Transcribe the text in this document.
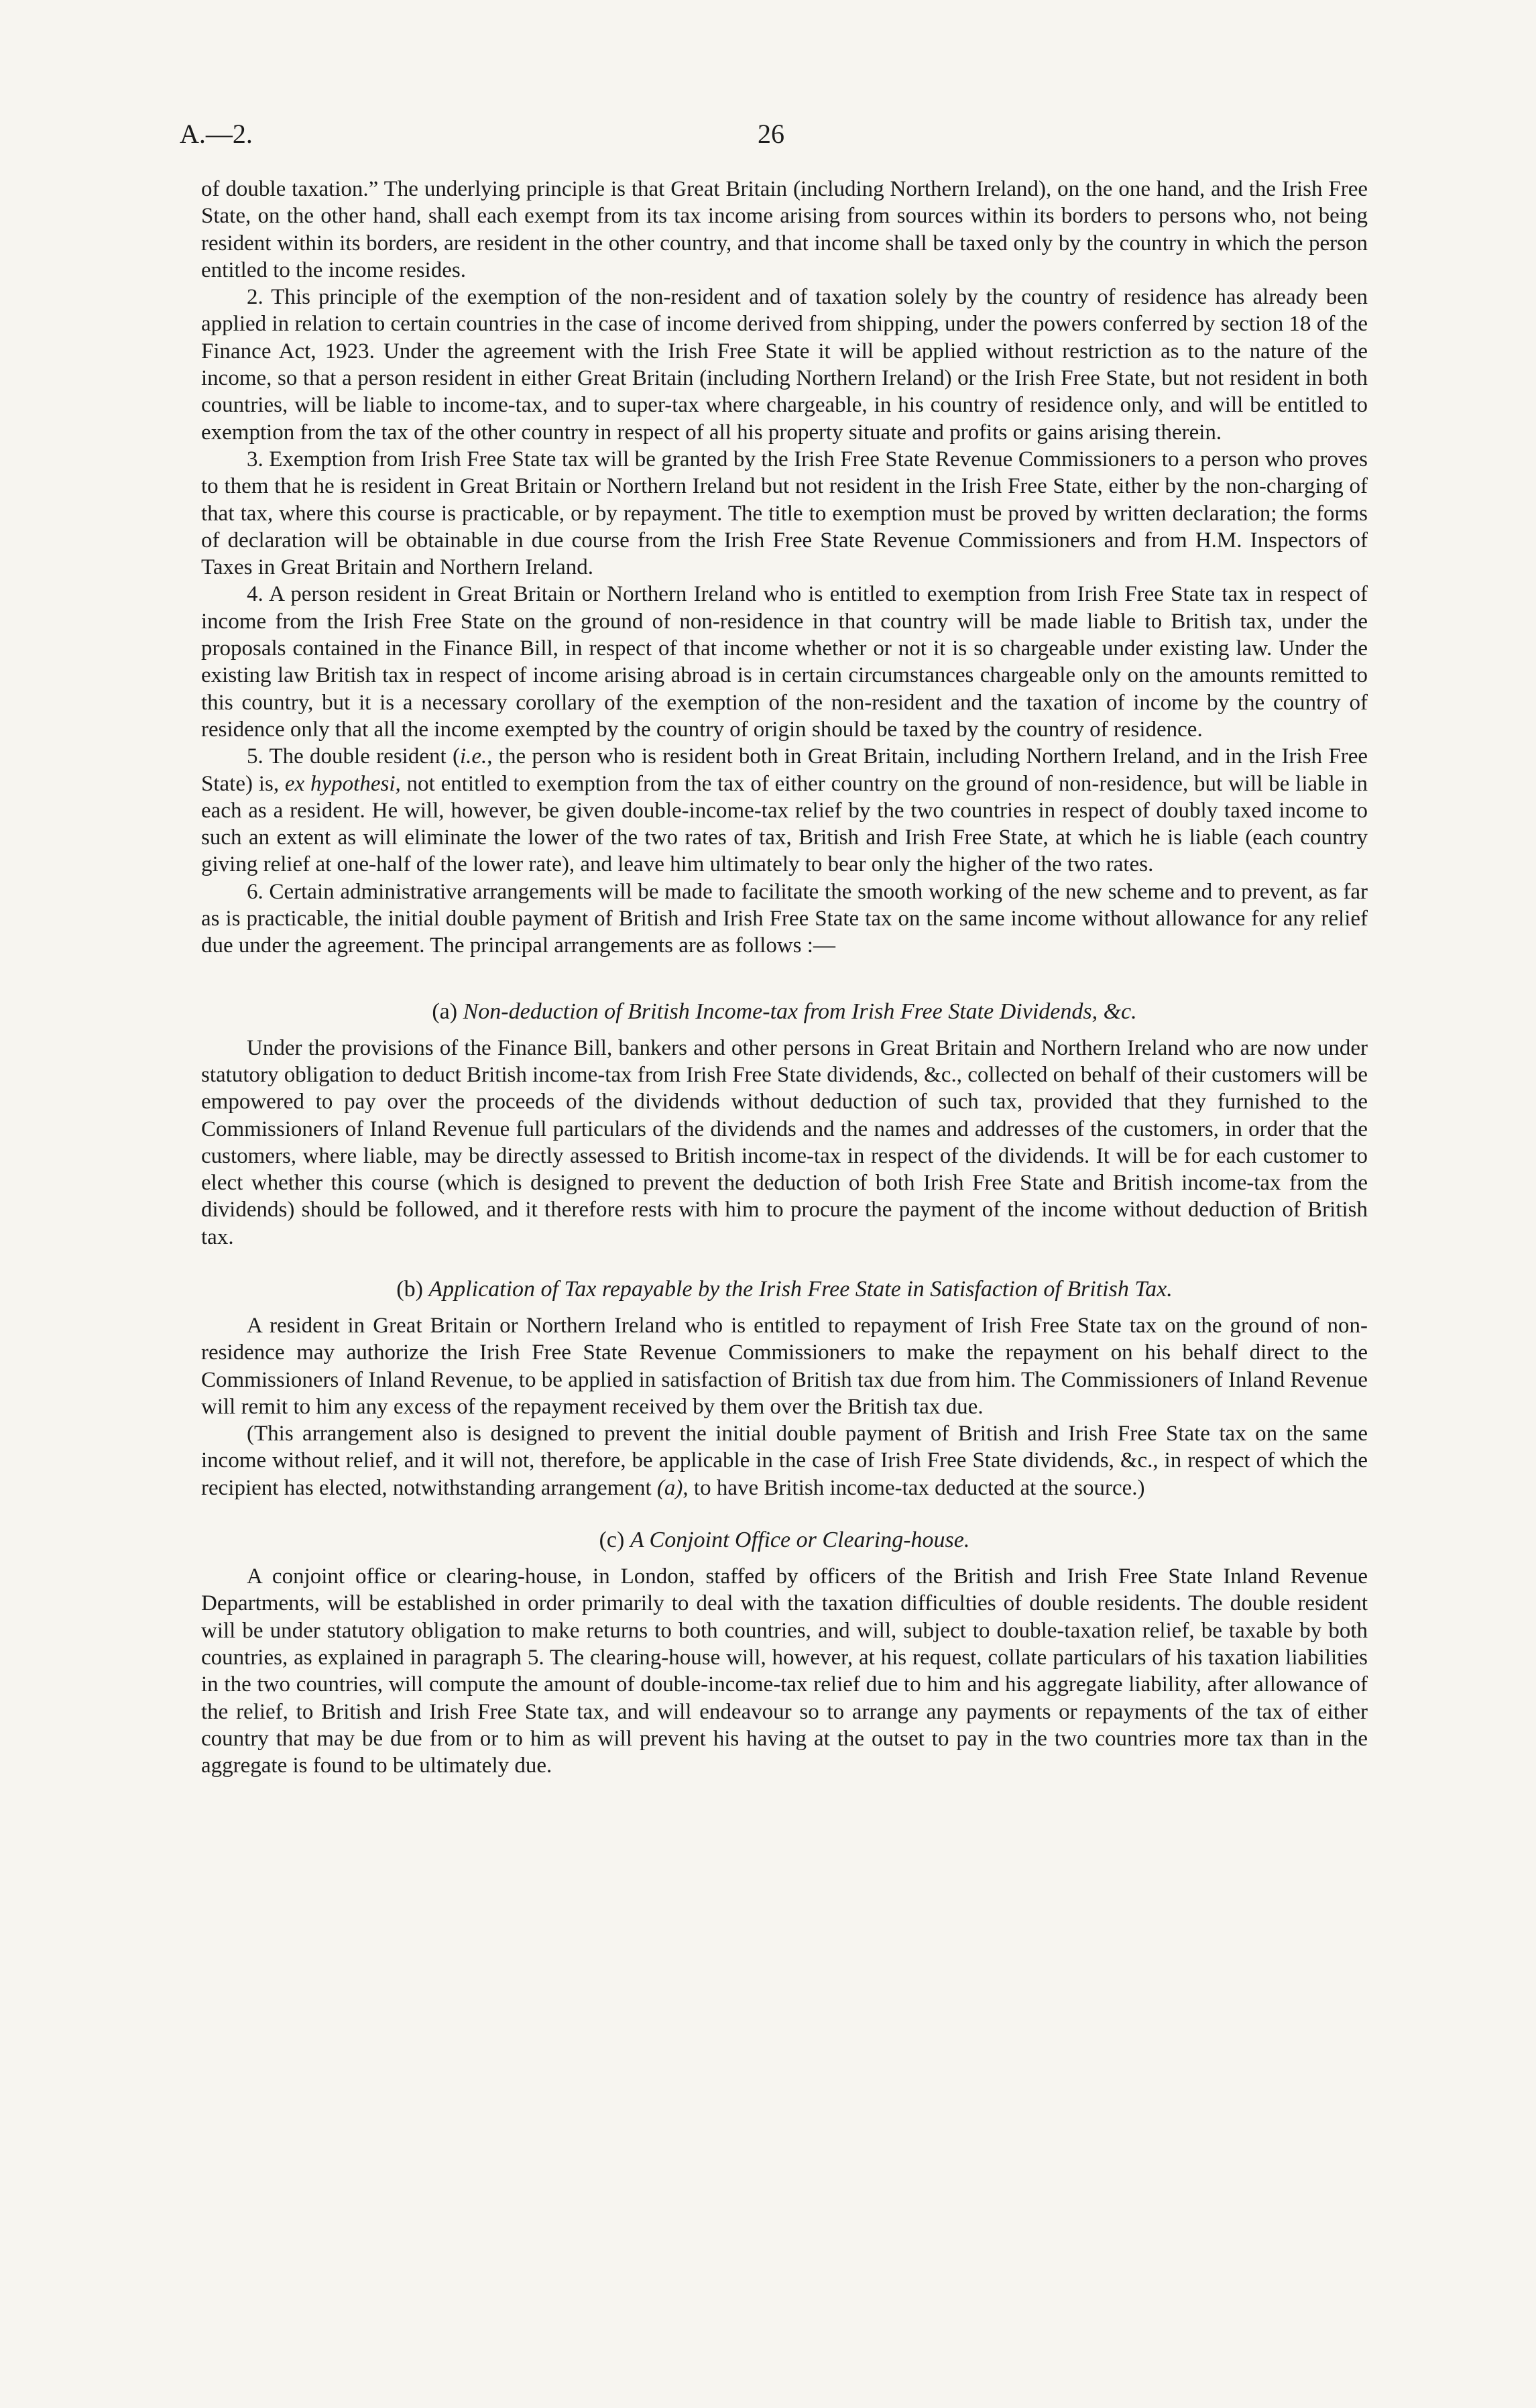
A.—2.	26

of double taxation.” The underlying principle is that Great Britain (including Northern Ireland), on the one hand, and the Irish Free State, on the other hand, shall each exempt from its tax income arising from sources within its borders to persons who, not being resident within its borders, are resident in the other country, and that income shall be taxed only by the country in which the person entitled to the income resides.

2. This principle of the exemption of the non-resident and of taxation solely by the country of residence has already been applied in relation to certain countries in the case of income derived from shipping, under the powers conferred by section 18 of the Finance Act, 1923. Under the agreement with the Irish Free State it will be applied without restriction as to the nature of the income, so that a person resident in either Great Britain (including Northern Ireland) or the Irish Free State, but not resident in both countries, will be liable to income-tax, and to super-tax where chargeable, in his country of residence only, and will be entitled to exemption from the tax of the other country in respect of all his property situate and profits or gains arising therein.

3. Exemption from Irish Free State tax will be granted by the Irish Free State Revenue Commissioners to a person who proves to them that he is resident in Great Britain or Northern Ireland but not resident in the Irish Free State, either by the non-charging of that tax, where this course is practicable, or by repayment. The title to exemption must be proved by written declaration; the forms of declaration will be obtainable in due course from the Irish Free State Revenue Commissioners and from H.M. Inspectors of Taxes in Great Britain and Northern Ireland.

4. A person resident in Great Britain or Northern Ireland who is entitled to exemption from Irish Free State tax in respect of income from the Irish Free State on the ground of non-residence in that country will be made liable to British tax, under the proposals contained in the Finance Bill, in respect of that income whether or not it is so chargeable under existing law. Under the existing law British tax in respect of income arising abroad is in certain circumstances chargeable only on the amounts remitted to this country, but it is a necessary corollary of the exemption of the non-resident and the taxation of income by the country of residence only that all the income exempted by the country of origin should be taxed by the country of residence.

5. The double resident (i.e., the person who is resident both in Great Britain, including Northern Ireland, and in the Irish Free State) is, ex hypothesi, not entitled to exemption from the tax of either country on the ground of non-residence, but will be liable in each as a resident. He will, however, be given double-income-tax relief by the two countries in respect of doubly taxed income to such an extent as will eliminate the lower of the two rates of tax, British and Irish Free State, at which he is liable (each country giving relief at one-half of the lower rate), and leave him ultimately to bear only the higher of the two rates.

6. Certain administrative arrangements will be made to facilitate the smooth working of the new scheme and to prevent, as far as is practicable, the initial double payment of British and Irish Free State tax on the same income without allowance for any relief due under the agreement. The principal arrangements are as follows :—

(a) Non-deduction of British Income-tax from Irish Free State Dividends, &c.

Under the provisions of the Finance Bill, bankers and other persons in Great Britain and Northern Ireland who are now under statutory obligation to deduct British income-tax from Irish Free State dividends, &c., collected on behalf of their customers will be empowered to pay over the proceeds of the dividends without deduction of such tax, provided that they furnished to the Commissioners of Inland Revenue full particulars of the dividends and the names and addresses of the customers, in order that the customers, where liable, may be directly assessed to British income-tax in respect of the dividends. It will be for each customer to elect whether this course (which is designed to prevent the deduction of both Irish Free State and British income-tax from the dividends) should be followed, and it therefore rests with him to procure the payment of the income without deduction of British tax.

(b) Application of Tax repayable by the Irish Free State in Satisfaction of British Tax.

A resident in Great Britain or Northern Ireland who is entitled to repayment of Irish Free State tax on the ground of non-residence may authorize the Irish Free State Revenue Commissioners to make the repayment on his behalf direct to the Commissioners of Inland Revenue, to be applied in satisfaction of British tax due from him. The Commissioners of Inland Revenue will remit to him any excess of the repayment received by them over the British tax due.

(This arrangement also is designed to prevent the initial double payment of British and Irish Free State tax on the same income without relief, and it will not, therefore, be applicable in the case of Irish Free State dividends, &c., in respect of which the recipient has elected, notwithstanding arrangement (a), to have British income-tax deducted at the source.)

(c) A Conjoint Office or Clearing-house.

A conjoint office or clearing-house, in London, staffed by officers of the British and Irish Free State Inland Revenue Departments, will be established in order primarily to deal with the taxation difficulties of double residents. The double resident will be under statutory obligation to make returns to both countries, and will, subject to double-taxation relief, be taxable by both countries, as explained in paragraph 5. The clearing-house will, however, at his request, collate particulars of his taxation liabilities in the two countries, will compute the amount of double-income-tax relief due to him and his aggregate liability, after allowance of the relief, to British and Irish Free State tax, and will endeavour so to arrange any payments or repayments of the tax of either country that may be due from or to him as will prevent his having at the outset to pay in the two countries more tax than in the aggregate is found to be ultimately due.
